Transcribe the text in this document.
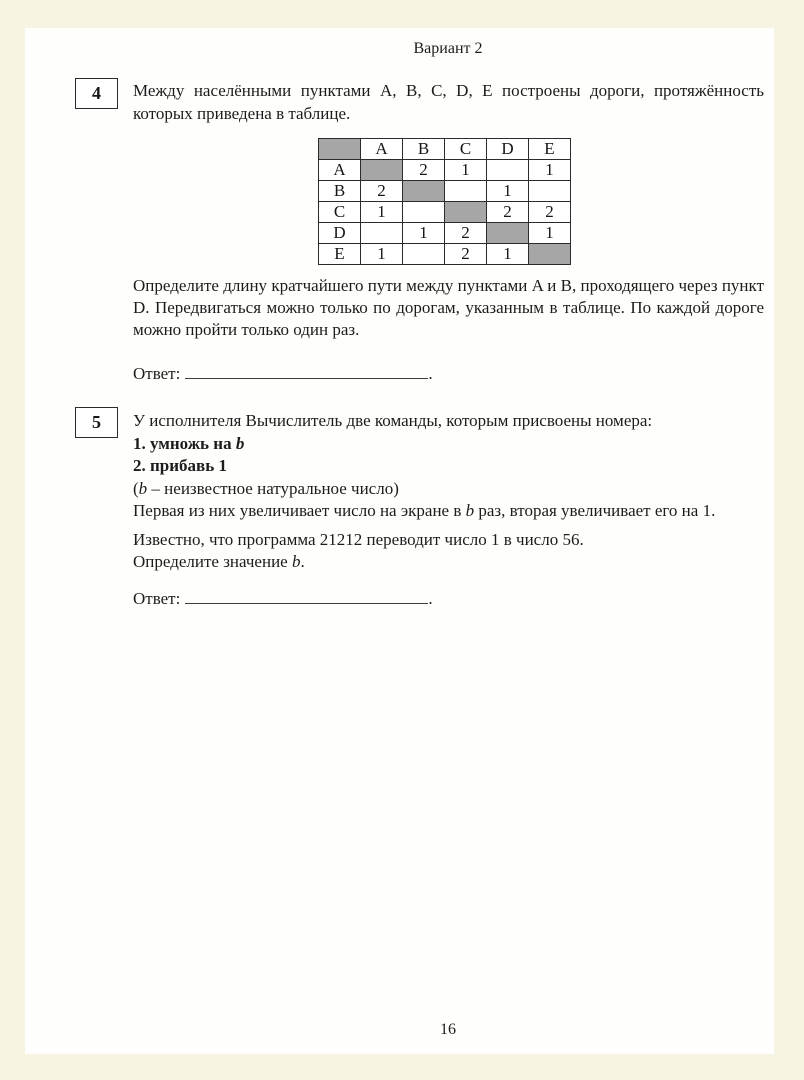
Вариант 2
4 Между населёнными пунктами A, B, C, D, E построены дороги, протяжённость которых приведена в таблице.
	A	B	C	D	E
A		2	1		1
B	2			1	
C	1			2	2
D		1	2		1
E	1		2	1	
Определите длину кратчайшего пути между пунктами A и B, проходящего через пункт D. Передвигаться можно только по дорогам, указанным в таблице. По каждой дороге можно пройти только один раз.
Ответ:	.
5 У исполнителя Вычислитель две команды, которым присвоены номера:
1. умножь на b
2. прибавь 1
(b – неизвестное натуральное число)
Первая из них увеличивает число на экране в b раз, вторая увеличивает его на 1.
Известно, что программа 21212 переводит число 1 в число 56.
Определите значение b.
Ответ:	.
16
